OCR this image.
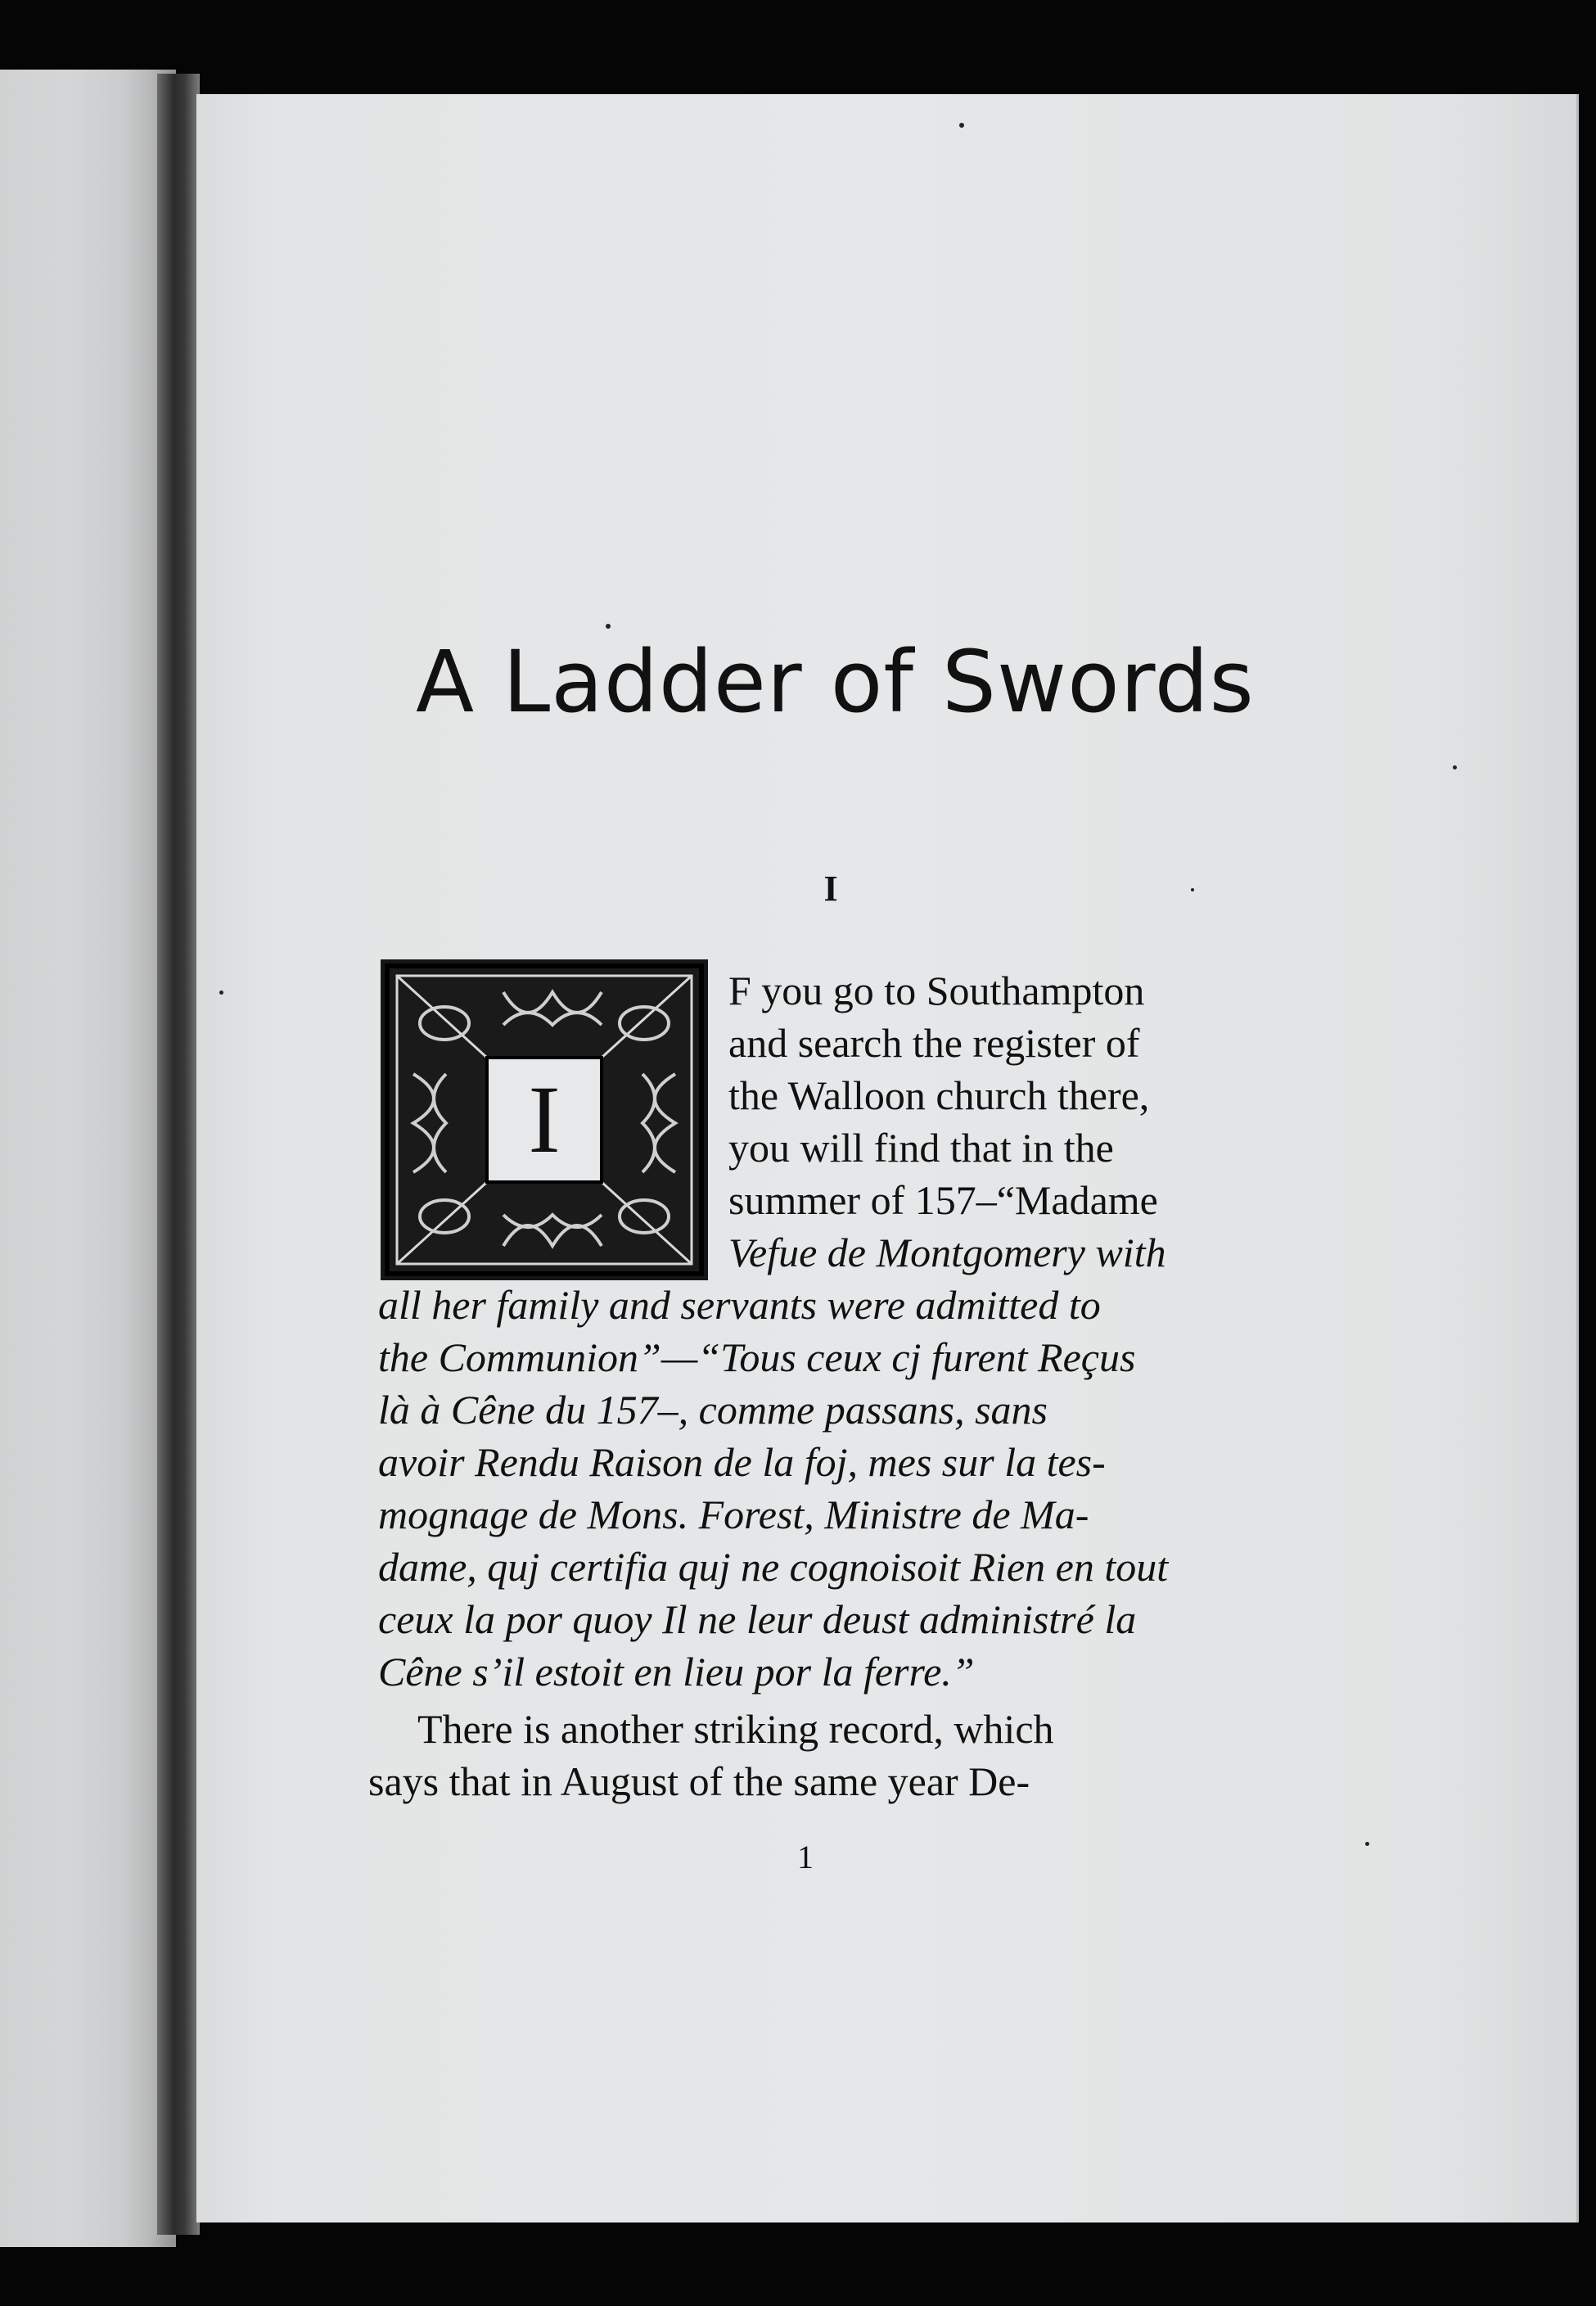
A Ladder of Swords
I
I
F you go to Southampton
and search the register of
the Walloon church there,
you will find that in the
summer of 157–“Madame
Vefue de Montgomery with
all her family and servants were admitted to
the Communion”—“Tous ceux cj furent Reçus
là à Cêne du 157–, comme passans, sans
avoir Rendu Raison de la foj, mes sur la tes-
mognage de Mons. Forest, Ministre de Ma-
dame, quj certifia quj ne cognoisoit Rien en tout
ceux la por quoy Il ne leur deust administré la
Cêne s’il estoit en lieu por la ferre.”
There is another striking record, which
says that in August of the same year De-
1
